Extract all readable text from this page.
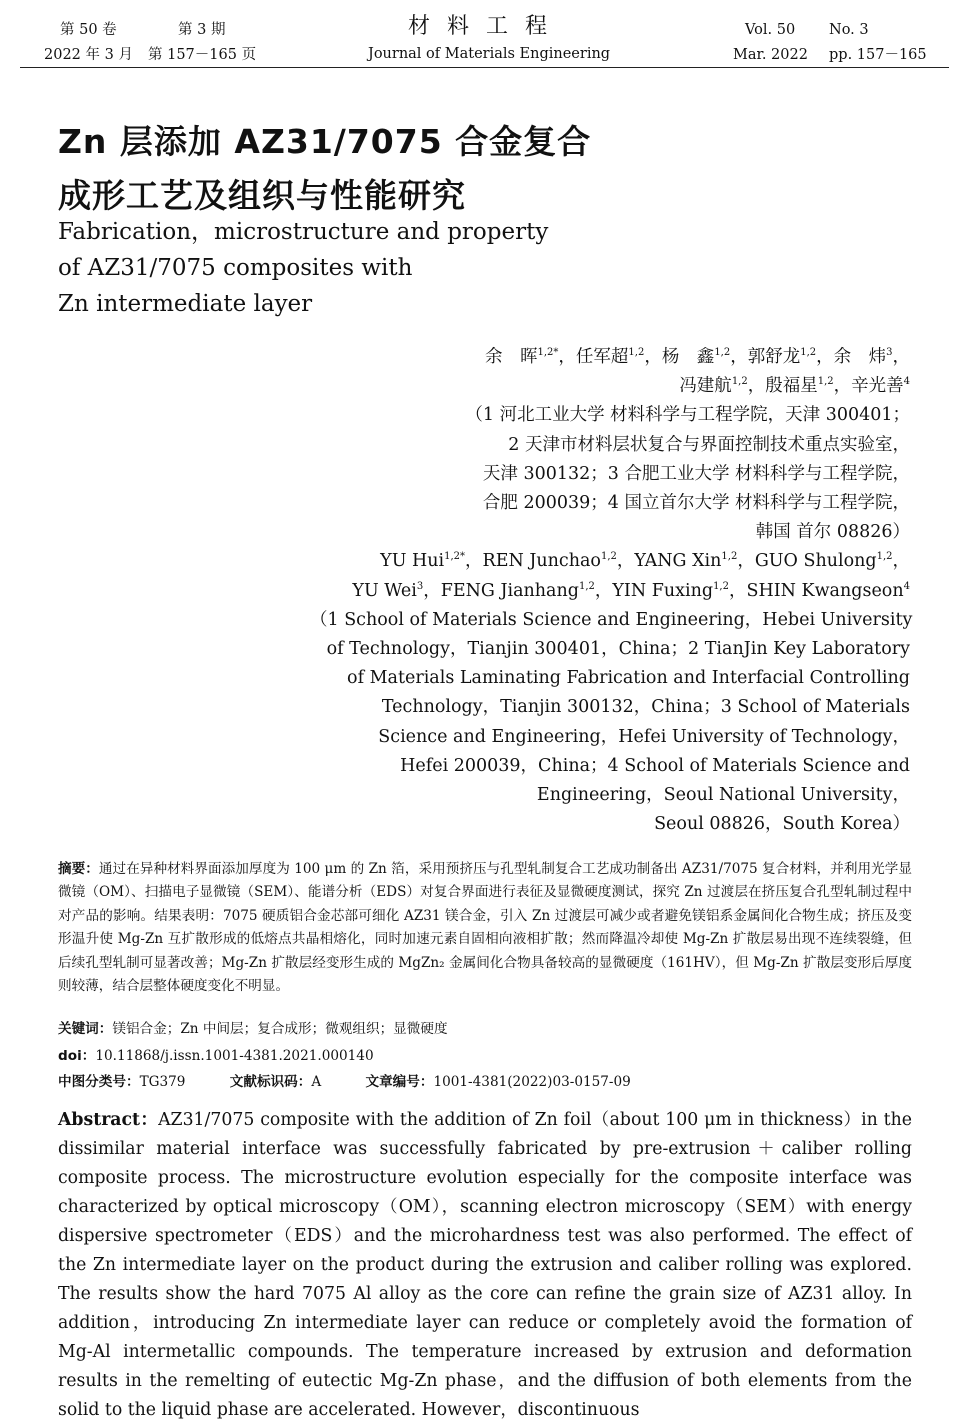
第 50 卷	第 3 期
2022 年 3 月 第 157－165 页
材料工程
Journal of Materials Engineering
Vol. 50 No. 3
Mar. 2022 pp. 157－165
Zn 层添加 AZ31/7075 合金复合
成形工艺及组织与性能研究
Fabrication，microstructure and property
of AZ31/7075 composites with
Zn intermediate layer
余　晖$^{1,2*}$，任军超$^{1,2}$，杨　鑫$^{1,2}$，郭舒龙$^{1,2}$，余　炜$^3$，
冯建航$^{1,2}$，殷福星$^{1,2}$，辛光善$^4$
（1 河北工业大学 材料科学与工程学院，天津 300401；
2 天津市材料层状复合与界面控制技术重点实验室，
天津 300132；3 合肥工业大学 材料科学与工程学院，
合肥 200039；4 国立首尔大学 材料科学与工程学院，
韩国 首尔 08826）
YU Hui$^{1,2*}$，REN Junchao$^{1,2}$，YANG Xin$^{1,2}$，GUO Shulong$^{1,2}$，
YU Wei$^3$，FENG Jianhang$^{1,2}$，YIN Fuxing$^{1,2}$，SHIN Kwangseon$^4$
（1 School of Materials Science and Engineering，Hebei University
of Technology，Tianjin 300401，China；2 TianJin Key Laboratory
of Materials Laminating Fabrication and Interfacial Controlling
Technology，Tianjin 300132，China；3 School of Materials
Science and Engineering，Hefei University of Technology，
Hefei 200039，China；4 School of Materials Science and
Engineering，Seoul National University，
Seoul 08826，South Korea）
摘要：通过在异种材料界面添加厚度为 100 μm 的 Zn 箔，采用预挤压与孔型轧制复合工艺成功制备出 AZ31/7075 复合材料，并利用光学显微镜（OM）、扫描电子显微镜（SEM）、能谱分析（EDS）对复合界面进行表征及显微硬度测试，探究 Zn 过渡层在挤压复合孔型轧制过程中对产品的影响。结果表明：7075 硬质铝合金芯部可细化 AZ31 镁合金，引入 Zn 过渡层可减少或者避免镁铝系金属间化合物生成；挤压及变形温升使 Mg-Zn 互扩散形成的低熔点共晶相熔化，同时加速元素自固相向液相扩散；然而降温冷却使 Mg-Zn 扩散层易出现不连续裂缝，但后续孔型轧制可显著改善；Mg-Zn 扩散层经变形生成的 MgZn₂ 金属间化合物具备较高的显微硬度（161HV），但 Mg-Zn 扩散层变形后厚度则较薄，结合层整体硬度变化不明显。
关键词：镁铝合金；Zn 中间层；复合成形；微观组织；显微硬度
doi：10.11868/j.issn.1001-4381.2021.000140
中图分类号：TG379	文献标识码：A	文章编号：1001-4381(2022)03-0157-09
Abstract：AZ31/7075 composite with the addition of Zn foil（about 100 μm in thickness）in the dissimilar material interface was successfully fabricated by pre-extrusion＋caliber rolling composite process. The microstructure evolution especially for the composite interface was characterized by optical microscopy（OM），scanning electron microscopy（SEM）with energy dispersive spectrometer（EDS）and the microhardness test was also performed. The effect of the Zn intermediate layer on the product during the extrusion and caliber rolling was explored. The results show the hard 7075 Al alloy as the core can refine the grain size of AZ31 alloy. In addition，introducing Zn intermediate layer can reduce or completely avoid the formation of Mg-Al intermetallic compounds. The temperature increased by extrusion and deformation results in the remelting of eutectic Mg-Zn phase，and the diffusion of both elements from the solid to the liquid phase are accelerated. However，discontinuous
